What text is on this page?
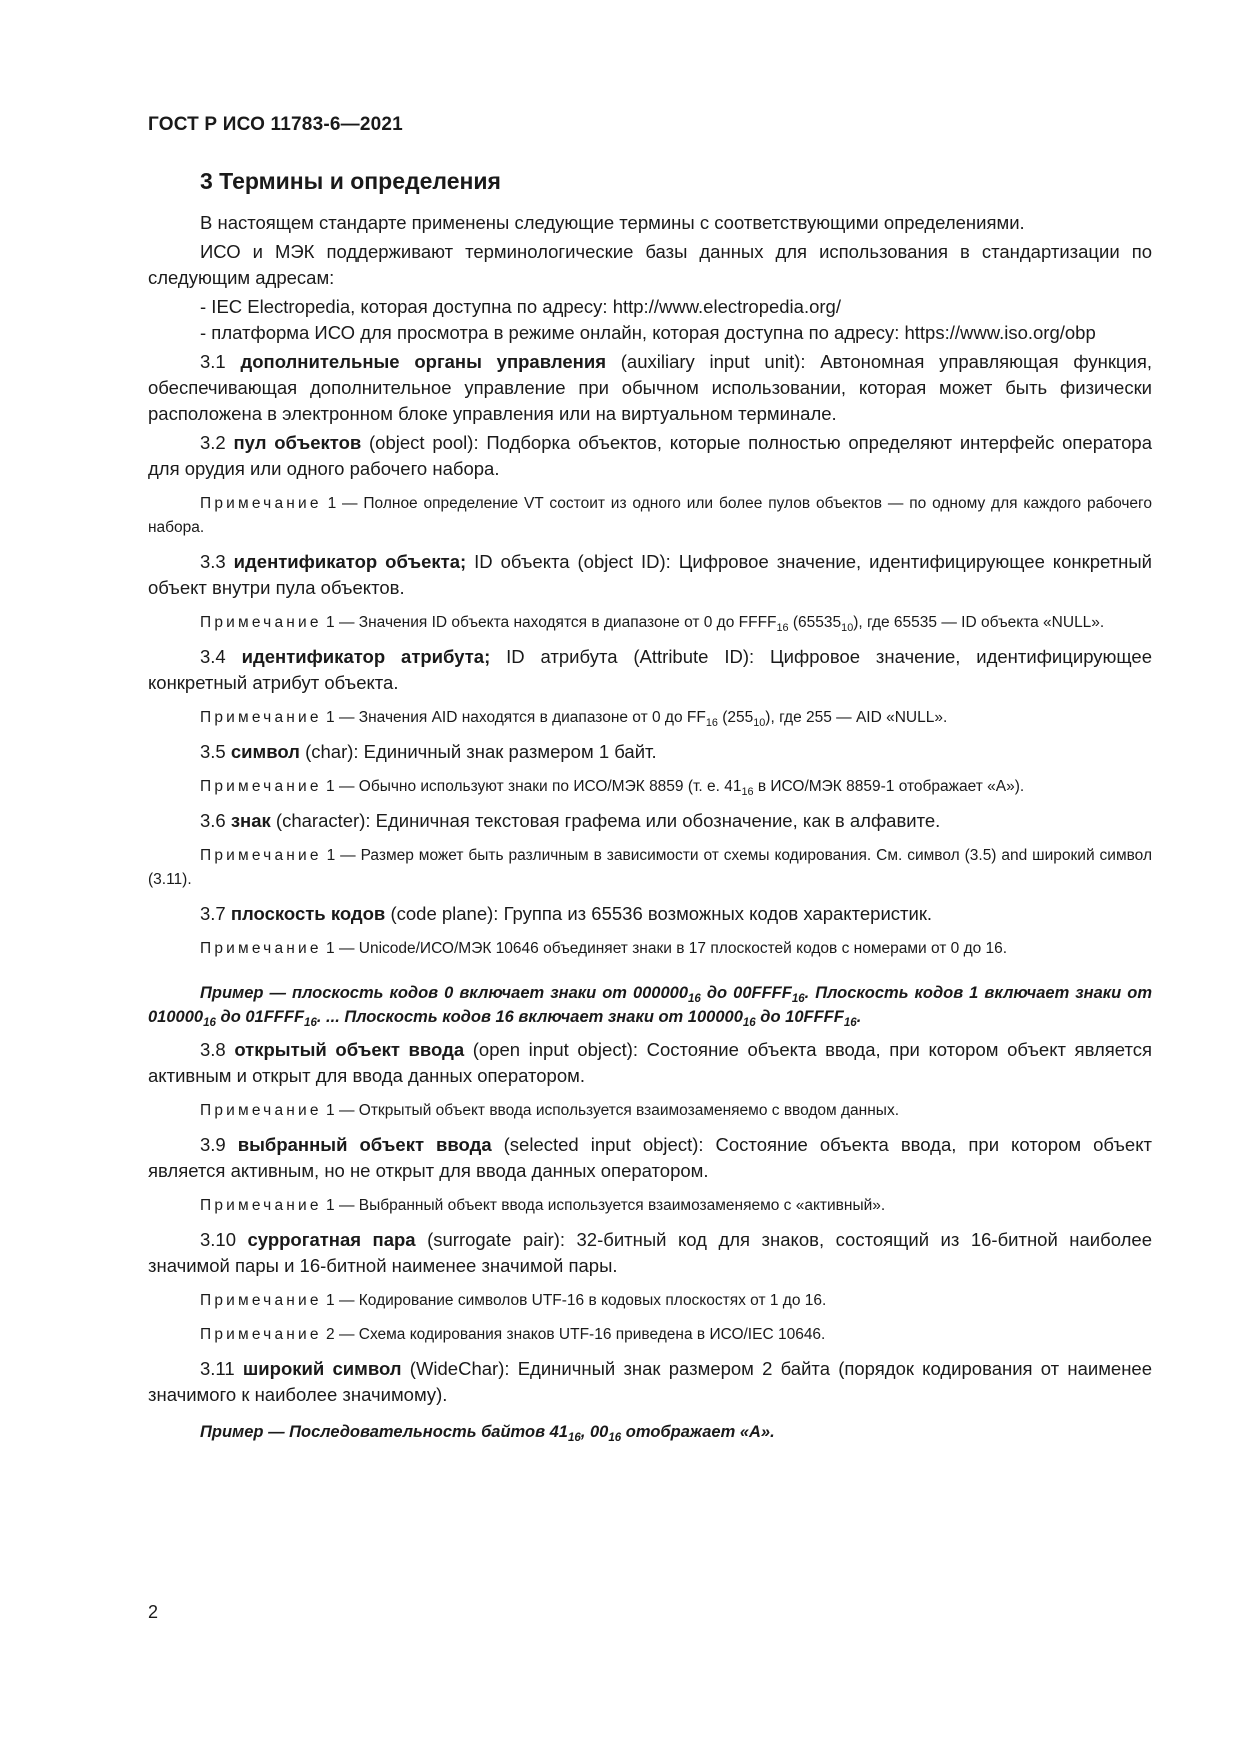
ГОСТ Р ИСО 11783-6—2021
3 Термины и определения

В настоящем стандарте применены следующие термины с соответствующими определениями.

ИСО и МЭК поддерживают терминологические базы данных для использования в стандартизации по следующим адресам:

- IEC Electropedia, которая доступна по адресу: http://www.electropedia.org/

- платформа ИСО для просмотра в режиме онлайн, которая доступна по адресу: https://www.iso.org/obp

3.1 дополнительные органы управления (auxiliary input unit): Автономная управляющая функция, обеспечивающая дополнительное управление при обычном использовании, которая может быть физически расположена в электронном блоке управления или на виртуальном терминале.

3.2 пул объектов (object pool): Подборка объектов, которые полностью определяют интерфейс оператора для орудия или одного рабочего набора.

Примечание 1 — Полное определение VT состоит из одного или более пулов объектов — по одному для каждого рабочего набора.

3.3 идентификатор объекта; ID объекта (object ID): Цифровое значение, идентифицирующее конкретный объект внутри пула объектов.

Примечание 1 — Значения ID объекта находятся в диапазоне от 0 до $FFFF_{16}$ $(65535_{10})$, где 65535 — ID объекта «NULL».

3.4 идентификатор атрибута; ID атрибута (Attribute ID): Цифровое значение, идентифицирующее конкретный атрибут объекта.

Примечание 1 — Значения AID находятся в диапазоне от 0 до $FF_{16}$ $(255_{10})$, где 255 — AID «NULL».

3.5 символ (char): Единичный знак размером 1 байт.

Примечание 1 — Обычно используют знаки по ИСО/МЭК 8859 (т. е. $41_{16}$ в ИСО/МЭК 8859-1 отображает «А»).

3.6 знак (character): Единичная текстовая графема или обозначение, как в алфавите.

Примечание 1 — Размер может быть различным в зависимости от схемы кодирования. См. символ (3.5) and широкий символ (3.11).

3.7 плоскость кодов (code plane): Группа из 65536 возможных кодов характеристик.

Примечание 1 — Unicode/ИСО/МЭК 10646 объединяет знаки в 17 плоскостей кодов с номерами от 0 до 16.

Пример — плоскость кодов 0 включает знаки от $000000_{16}$ до $00FFFF_{16}$. Плоскость кодов 1 включает знаки от $010000_{16}$ до $01FFFF_{16}$. ... Плоскость кодов 16 включает знаки от $100000_{16}$ до $10FFFF_{16}$.

3.8 открытый объект ввода (open input object): Состояние объекта ввода, при котором объект является активным и открыт для ввода данных оператором.

Примечание 1 — Открытый объект ввода используется взаимозаменяемо с вводом данных.

3.9 выбранный объект ввода (selected input object): Состояние объекта ввода, при котором объект является активным, но не открыт для ввода данных оператором.

Примечание 1 — Выбранный объект ввода используется взаимозаменяемо с «активный».

3.10 суррогатная пара (surrogate pair): 32-битный код для знаков, состоящий из 16-битной наиболее значимой пары и 16-битной наименее значимой пары.

Примечание 1 — Кодирование символов UTF-16 в кодовых плоскостях от 1 до 16.

Примечание 2 — Схема кодирования знаков UTF-16 приведена в ИСО/IEC 10646.

3.11 широкий символ (WideChar): Единичный знак размером 2 байта (порядок кодирования от наименее значимого к наиболее значимому).

Пример — Последовательность байтов $41_{16}$, $00_{16}$ отображает «А».

2
